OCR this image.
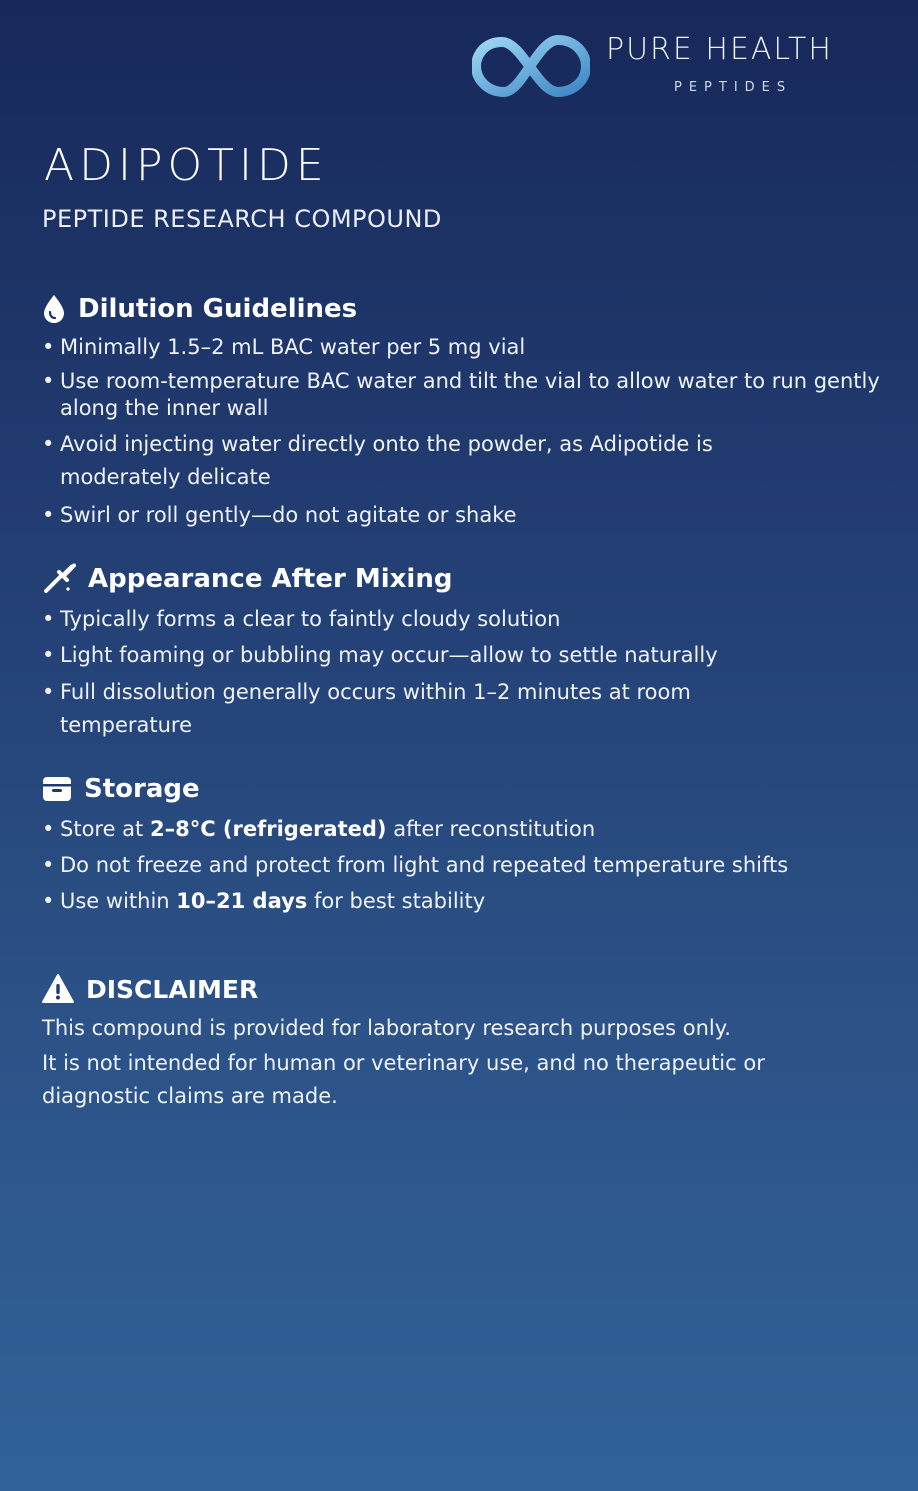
PURE HEALTH
PEPTIDES
ADIPOTIDE
PEPTIDE RESEARCH COMPOUND
Dilution Guidelines
• Minimally 1.5–2 mL BAC water per 5 mg vial
• Use room-temperature BAC water and tilt the vial to allow water to run gently along the inner wall
• Avoid injecting water directly onto the powder, as Adipotide is moderately delicate
• Swirl or roll gently—do not agitate or shake
Appearance After Mixing
• Typically forms a clear to faintly cloudy solution
• Light foaming or bubbling may occur—allow to settle naturally
• Full dissolution generally occurs within 1–2 minutes at room temperature
Storage
• Store at 2–8°C (refrigerated) after reconstitution
• Do not freeze and protect from light and repeated temperature shifts
• Use within 10–21 days for best stability
DISCLAIMER

This compound is provided for laboratory research purposes only.

It is not intended for human or veterinary use, and no therapeutic or diagnostic claims are made.
